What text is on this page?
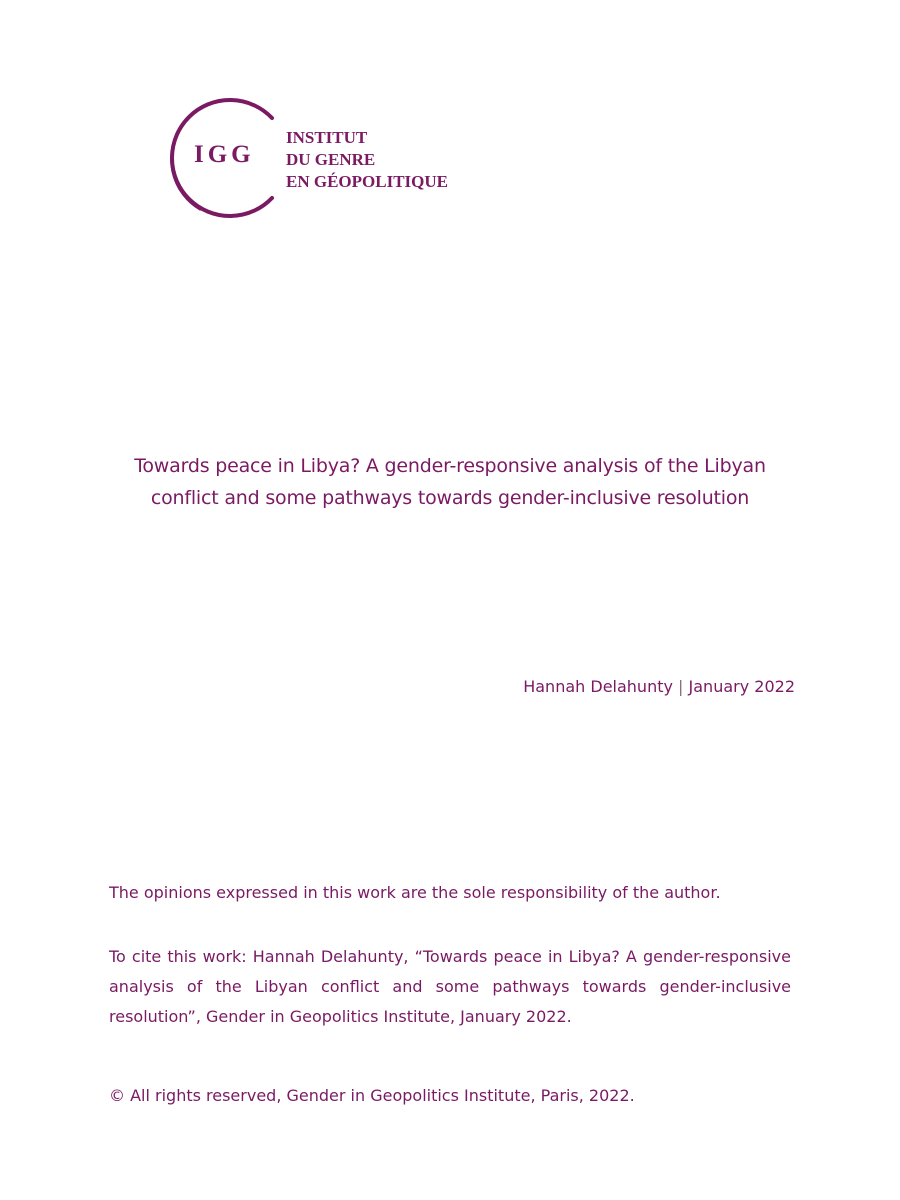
IGG
INSTITUT
DU GENRE
EN GÉOPOLITIQUE
Towards peace in Libya? A gender-responsive analysis of the Libyan conflict and some pathways towards gender-inclusive resolution
Hannah Delahunty | January 2022
The opinions expressed in this work are the sole responsibility of the author.
To cite this work: Hannah Delahunty, “Towards peace in Libya? A gender-responsive analysis of the Libyan conflict and some pathways towards gender-inclusive resolution”, Gender in Geopolitics Institute, January 2022.
© All rights reserved, Gender in Geopolitics Institute, Paris, 2022.
